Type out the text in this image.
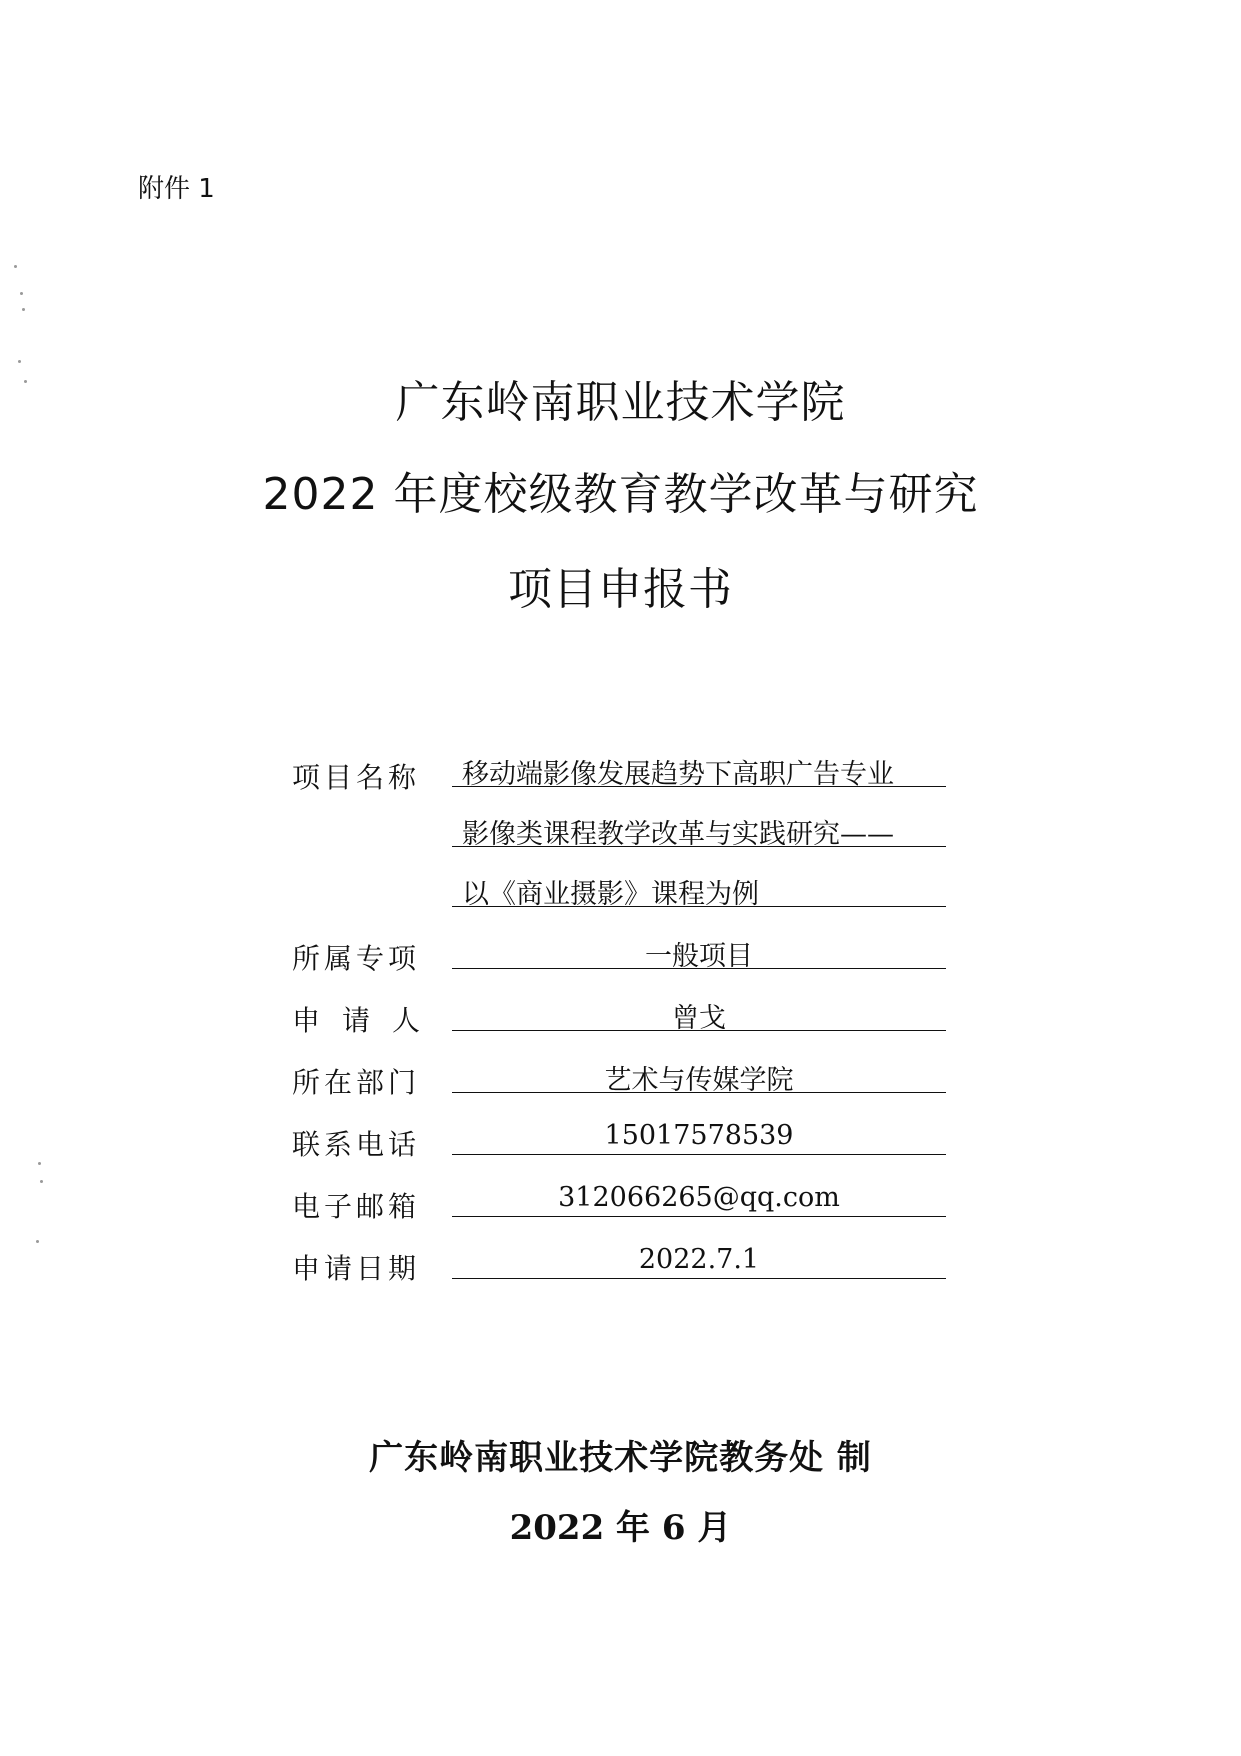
附件 1
广东岭南职业技术学院
2022 年度校级教育教学改革与研究
项目申报书
项目名称 移动端影像发展趋势下高职广告专业
影像类课程教学改革与实践研究——
以《商业摄影》课程为例
所属专项	一般项目
申请人	曾戈
所在部门	艺术与传媒学院
联系电话	15017578539
电子邮箱	312066265@qq.com
申请日期	2022.7.1
广东岭南职业技术学院教务处 制
2022 年 6 月
